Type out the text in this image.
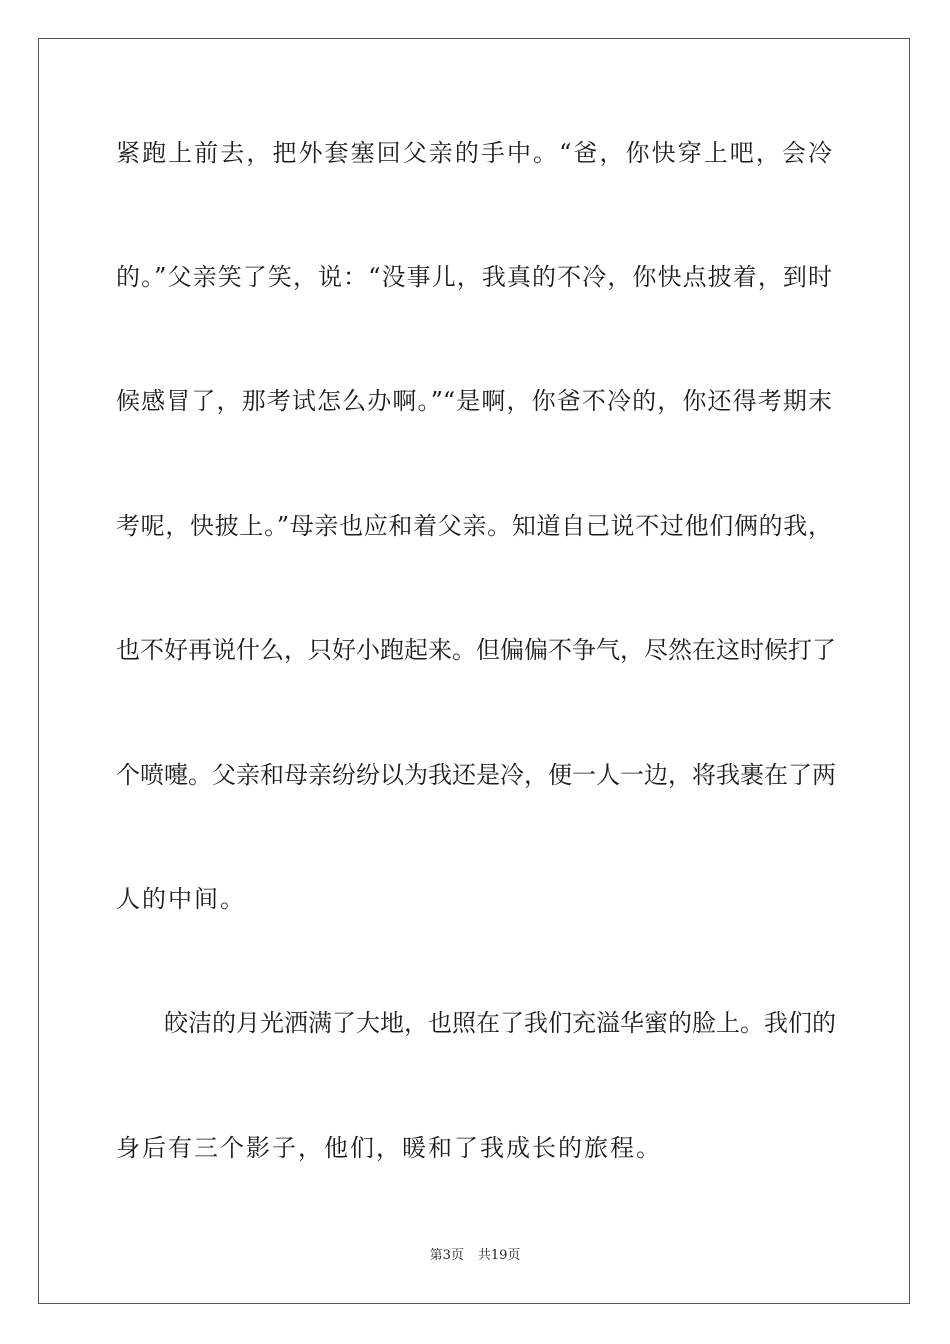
紧跑上前去，把外套塞回父亲的手中。“爸，你快穿上吧，会冷
的。”父亲笑了笑，说：“没事儿，我真的不冷，你快点披着，到时
候感冒了，那考试怎么办啊。”“是啊，你爸不冷的，你还得考期末
考呢，快披上。”母亲也应和着父亲。知道自己说不过他们俩的我，
也不好再说什么，只好小跑起来。但偏偏不争气，尽然在这时候打了
个喷嚏。父亲和母亲纷纷以为我还是冷，便一人一边，将我裹在了两
人的中间。
皎洁的月光洒满了大地，也照在了我们充溢华蜜的脸上。我们的
身后有三个影子，他们，暖和了我成长的旅程。
第3页 共19页
